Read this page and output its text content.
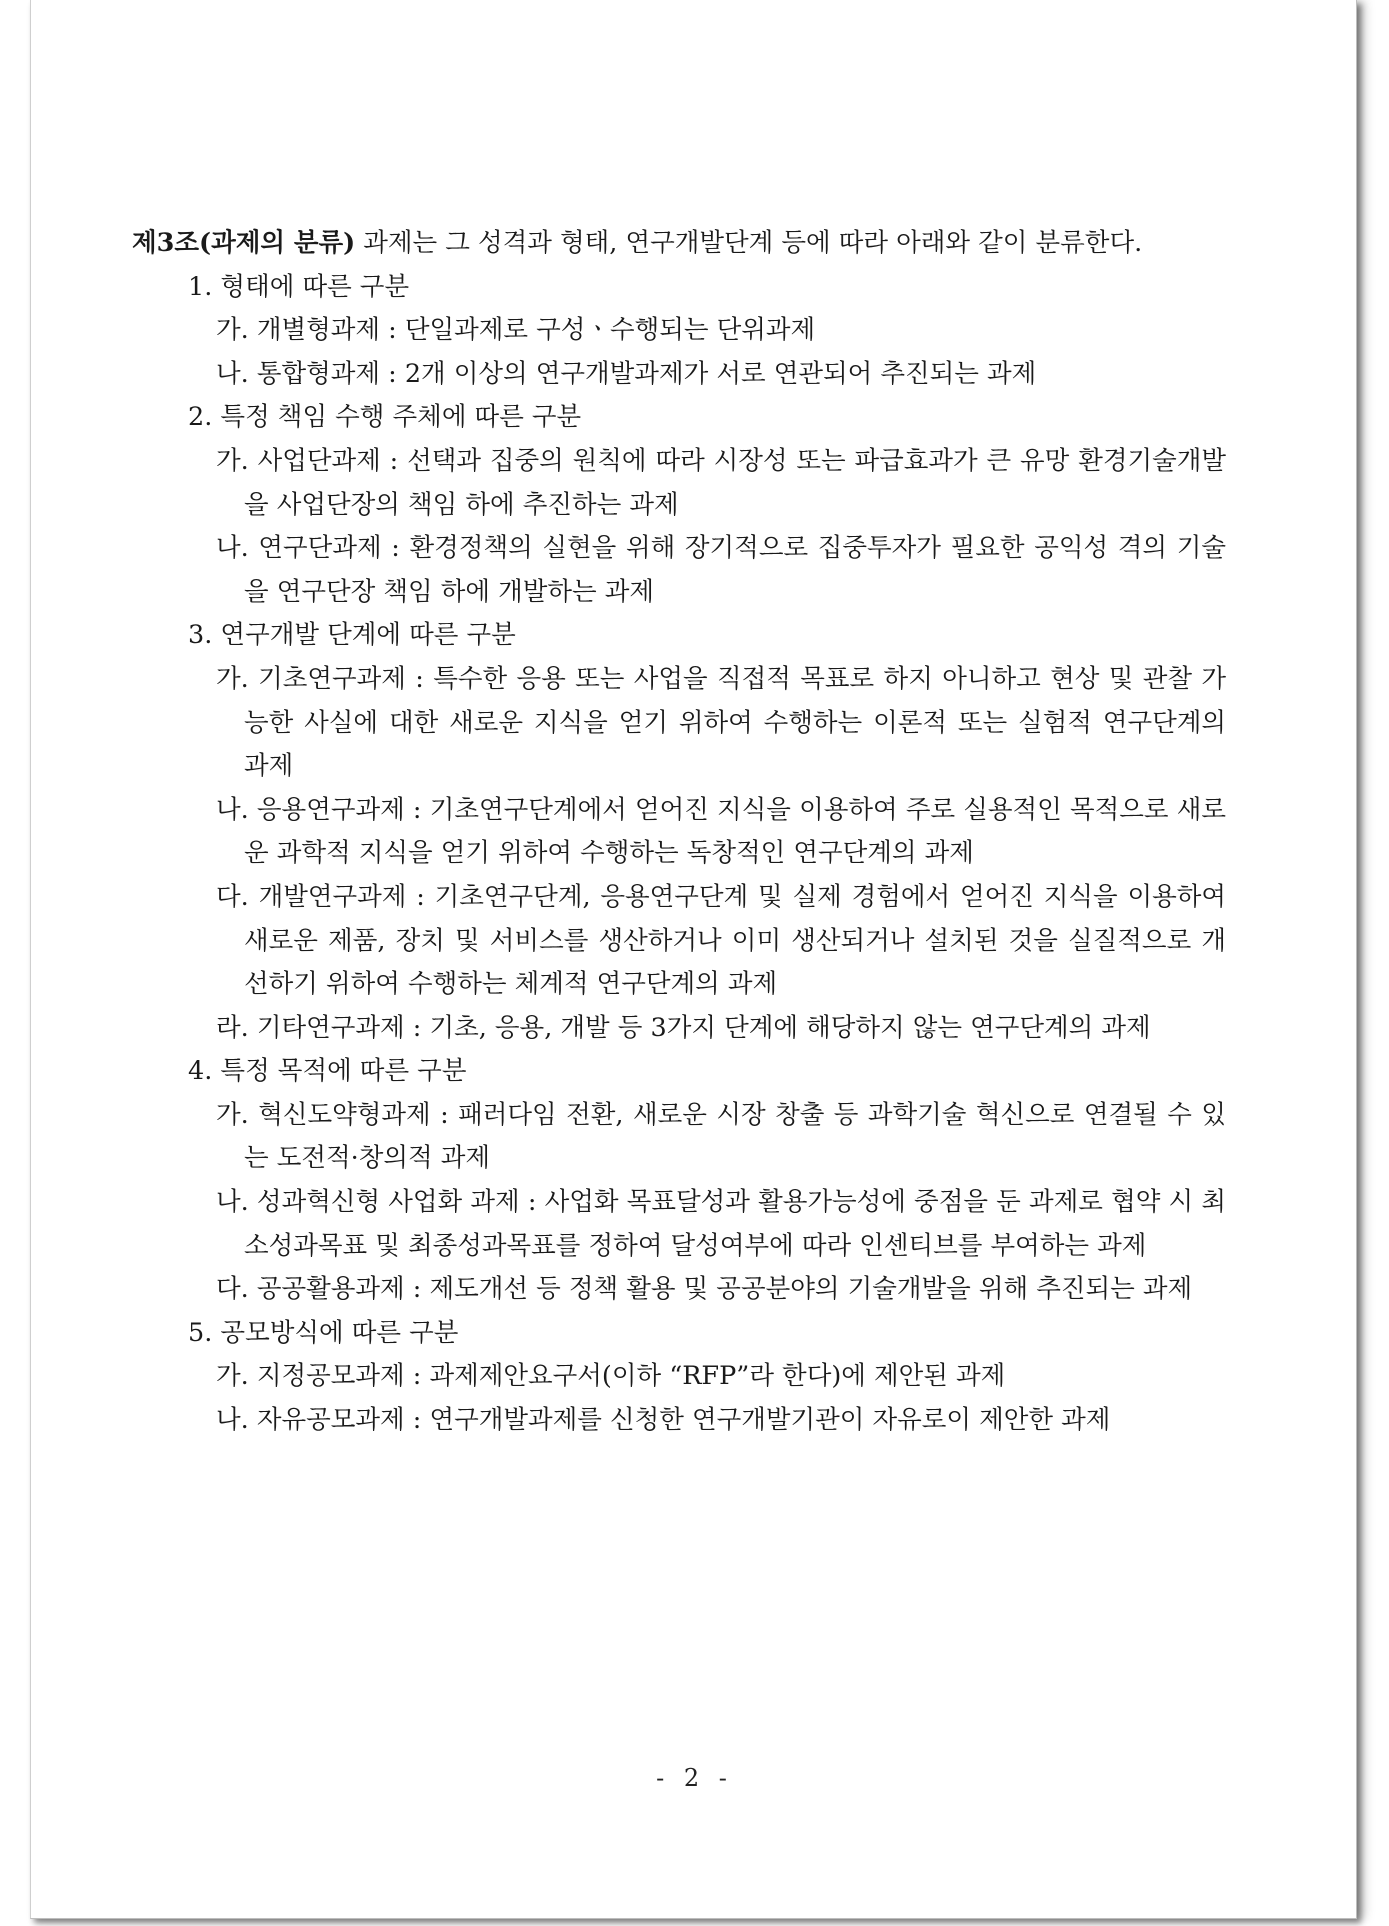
제3조(과제의 분류) 과제는 그 성격과 형태, 연구개발단계 등에 따라 아래와 같이 분류한다.

1. 형태에 따른 구분

가. 개별형과제 : 단일과제로 구성ㆍ수행되는 단위과제

나. 통합형과제 : 2개 이상의 연구개발과제가 서로 연관되어 추진되는 과제

2. 특정 책임 수행 주체에 따른 구분

가. 사업단과제 : 선택과 집중의 원칙에 따라 시장성 또는 파급효과가 큰 유망 환경기술개발을 사업단장의 책임 하에 추진하는 과제

나. 연구단과제 : 환경정책의 실현을 위해 장기적으로 집중투자가 필요한 공익성 격의 기술을 연구단장 책임 하에 개발하는 과제

3. 연구개발 단계에 따른 구분

가. 기초연구과제 : 특수한 응용 또는 사업을 직접적 목표로 하지 아니하고 현상 및 관찰 가능한 사실에 대한 새로운 지식을 얻기 위하여 수행하는 이론적 또는 실험적 연구단계의 과제

나. 응용연구과제 : 기초연구단계에서 얻어진 지식을 이용하여 주로 실용적인 목적으로 새로운 과학적 지식을 얻기 위하여 수행하는 독창적인 연구단계의 과제

다. 개발연구과제 : 기초연구단계, 응용연구단계 및 실제 경험에서 얻어진 지식을 이용하여 새로운 제품, 장치 및 서비스를 생산하거나 이미 생산되거나 설치된 것을 실질적으로 개선하기 위하여 수행하는 체계적 연구단계의 과제

라. 기타연구과제 : 기초, 응용, 개발 등 3가지 단계에 해당하지 않는 연구단계의 과제

4. 특정 목적에 따른 구분

가. 혁신도약형과제 : 패러다임 전환, 새로운 시장 창출 등 과학기술 혁신으로 연결될 수 있는 도전적·창의적 과제

나. 성과혁신형 사업화 과제 : 사업화 목표달성과 활용가능성에 중점을 둔 과제로 협약 시 최소성과목표 및 최종성과목표를 정하여 달성여부에 따라 인센티브를 부여하는 과제

다. 공공활용과제 : 제도개선 등 정책 활용 및 공공분야의 기술개발을 위해 추진되는 과제

5. 공모방식에 따른 구분

가. 지정공모과제 : 과제제안요구서(이하 “RFP”라 한다)에 제안된 과제

나. 자유공모과제 : 연구개발과제를 신청한 연구개발기관이 자유로이 제안한 과제

- 2 -
